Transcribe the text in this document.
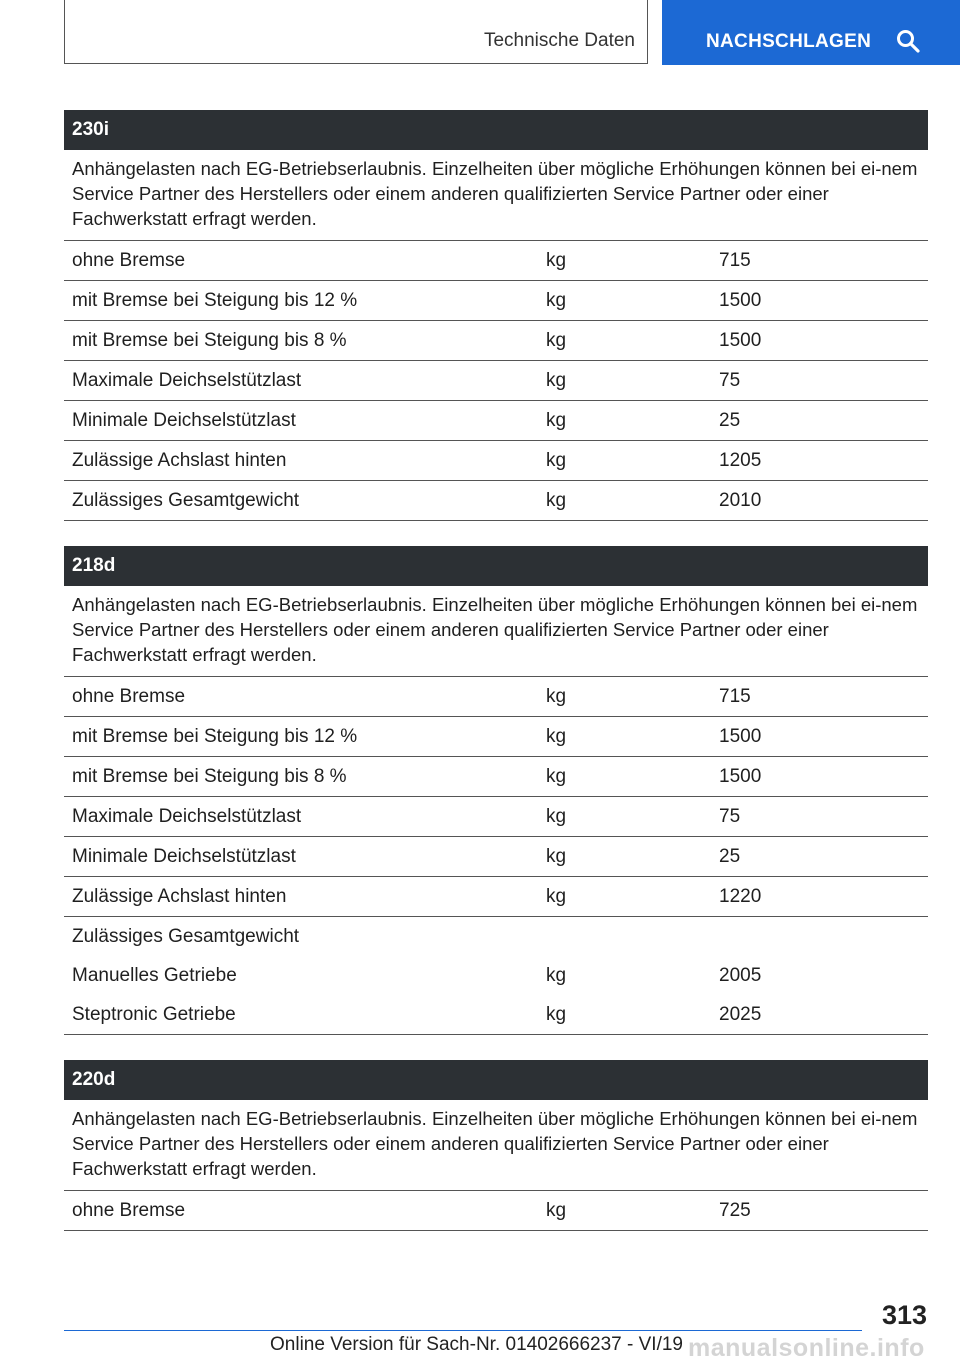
Technische Daten	NACHSCHLAGEN
230i
Anhängelasten nach EG-Betriebserlaubnis. Einzelheiten über mögliche Erhöhungen können bei ei-nem Service Partner des Herstellers oder einem anderen qualifizierten Service Partner oder einer Fachwerkstatt erfragt werden.
ohne Bremse	kg	715
mit Bremse bei Steigung bis 12 %	kg	1500
mit Bremse bei Steigung bis 8 %	kg	1500
Maximale Deichselstützlast	kg	75
Minimale Deichselstützlast	kg	25
Zulässige Achslast hinten	kg	1205
Zulässiges Gesamtgewicht	kg	2010
218d
Anhängelasten nach EG-Betriebserlaubnis. Einzelheiten über mögliche Erhöhungen können bei ei-nem Service Partner des Herstellers oder einem anderen qualifizierten Service Partner oder einer Fachwerkstatt erfragt werden.
ohne Bremse	kg	715
mit Bremse bei Steigung bis 12 %	kg	1500
mit Bremse bei Steigung bis 8 %	kg	1500
Maximale Deichselstützlast	kg	75
Minimale Deichselstützlast	kg	25
Zulässige Achslast hinten	kg	1220
Zulässiges Gesamtgewicht
Manuelles Getriebe	kg	2005
Steptronic Getriebe	kg	2025
220d
Anhängelasten nach EG-Betriebserlaubnis. Einzelheiten über mögliche Erhöhungen können bei ei-nem Service Partner des Herstellers oder einem anderen qualifizierten Service Partner oder einer Fachwerkstatt erfragt werden.
ohne Bremse	kg	725
313
Online Version für Sach-Nr. 01402666237 - VI/19 manualsonline.info
